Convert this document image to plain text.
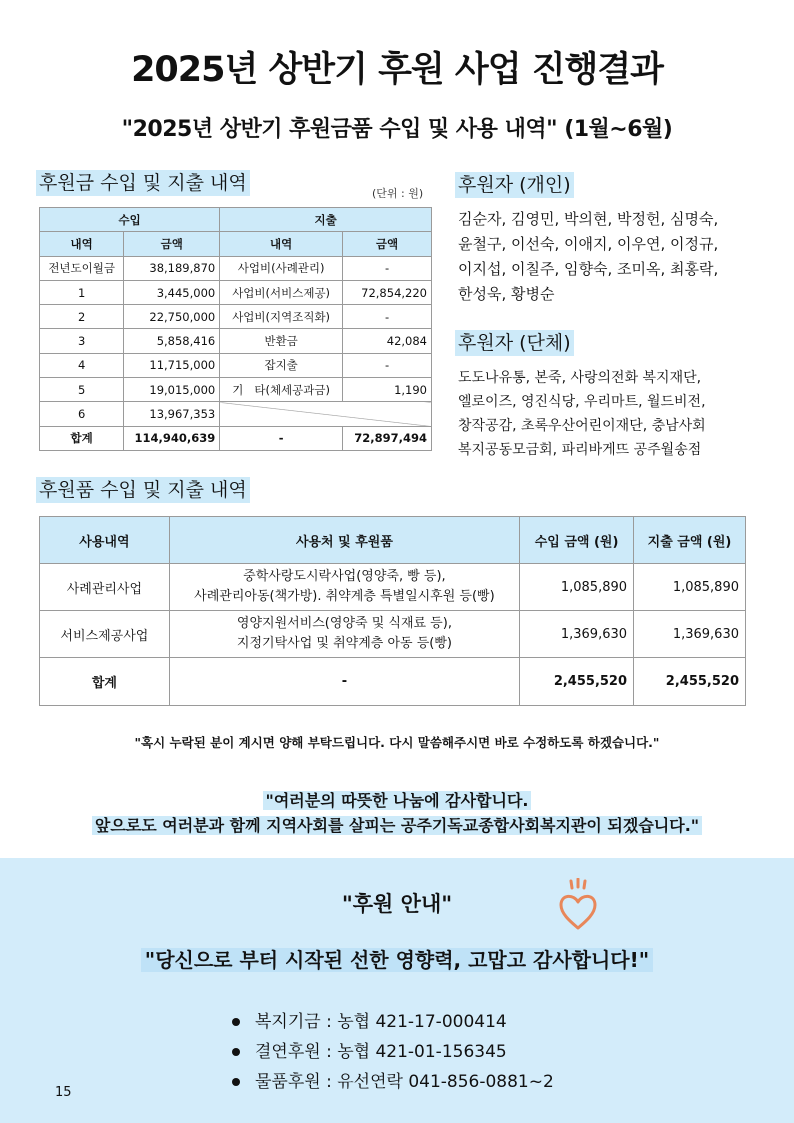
2025년 상반기 후원 사업 진행결과
"2025년 상반기 후원금품 수입 및 사용 내역" (1월~6월)
후원금 수입 및 지출 내역	(단위 : 원)
수입		지출	
내역	금액	내역	금액
전년도이월금	38,189,870	사업비(사례관리)	-
1	3,445,000	사업비(서비스제공)	72,854,220
2	22,750,000	사업비(지역조직화)	-
3	5,858,416	반환금	42,084
4	11,715,000	잡지출	-
5	19,015,000	기   타(체세공과금)	1,190
6	13,967,353		
합계	114,940,639	-	72,897,494
후원자 (개인)
김순자, 김영민, 박의현, 박정헌, 심명숙,
윤철구, 이선숙, 이애지, 이우연, 이정규,
이지섭, 이칠주, 임향숙, 조미옥, 최홍락,
한성욱, 황병순
후원자 (단체)
도도나유통, 본죽, 사랑의전화 복지재단,
엘로이즈, 영진식당, 우리마트, 월드비전,
창작공감, 초록우산어린이재단, 충남사회
복지공동모금회, 파리바게뜨 공주월송점
후원품 수입 및 지출 내역
사용내역	사용처 및 후원품	수입 금액 (원)	지출 금액 (원)
사례관리사업	중학사랑도시락사업(영양죽, 빵 등),
사례관리아동(책가방). 취약계층 특별일시후원 등(빵)	1,085,890	1,085,890
서비스제공사업	영양지원서비스(영양죽 및 식재료 등),
지정기탁사업 및 취약계층 아동 등(빵)	1,369,630	1,369,630
합계	-	2,455,520	2,455,520
"혹시 누락된 분이 계시면 양해 부탁드립니다. 다시 말씀해주시면 바로 수정하도록 하겠습니다."
"여러분의 따뜻한 나눔에 감사합니다.
앞으로도 여러분과 함께 지역사회를 살피는 공주기독교종합사회복지관이 되겠습니다."
"후원 안내"
"당신으로 부터 시작된 선한 영향력, 고맙고 감사합니다!"
복지기금 : 농협 421-17-000414
결연후원 : 농협 421-01-156345
물품후원 : 유선연락 041-856-0881~2
15
